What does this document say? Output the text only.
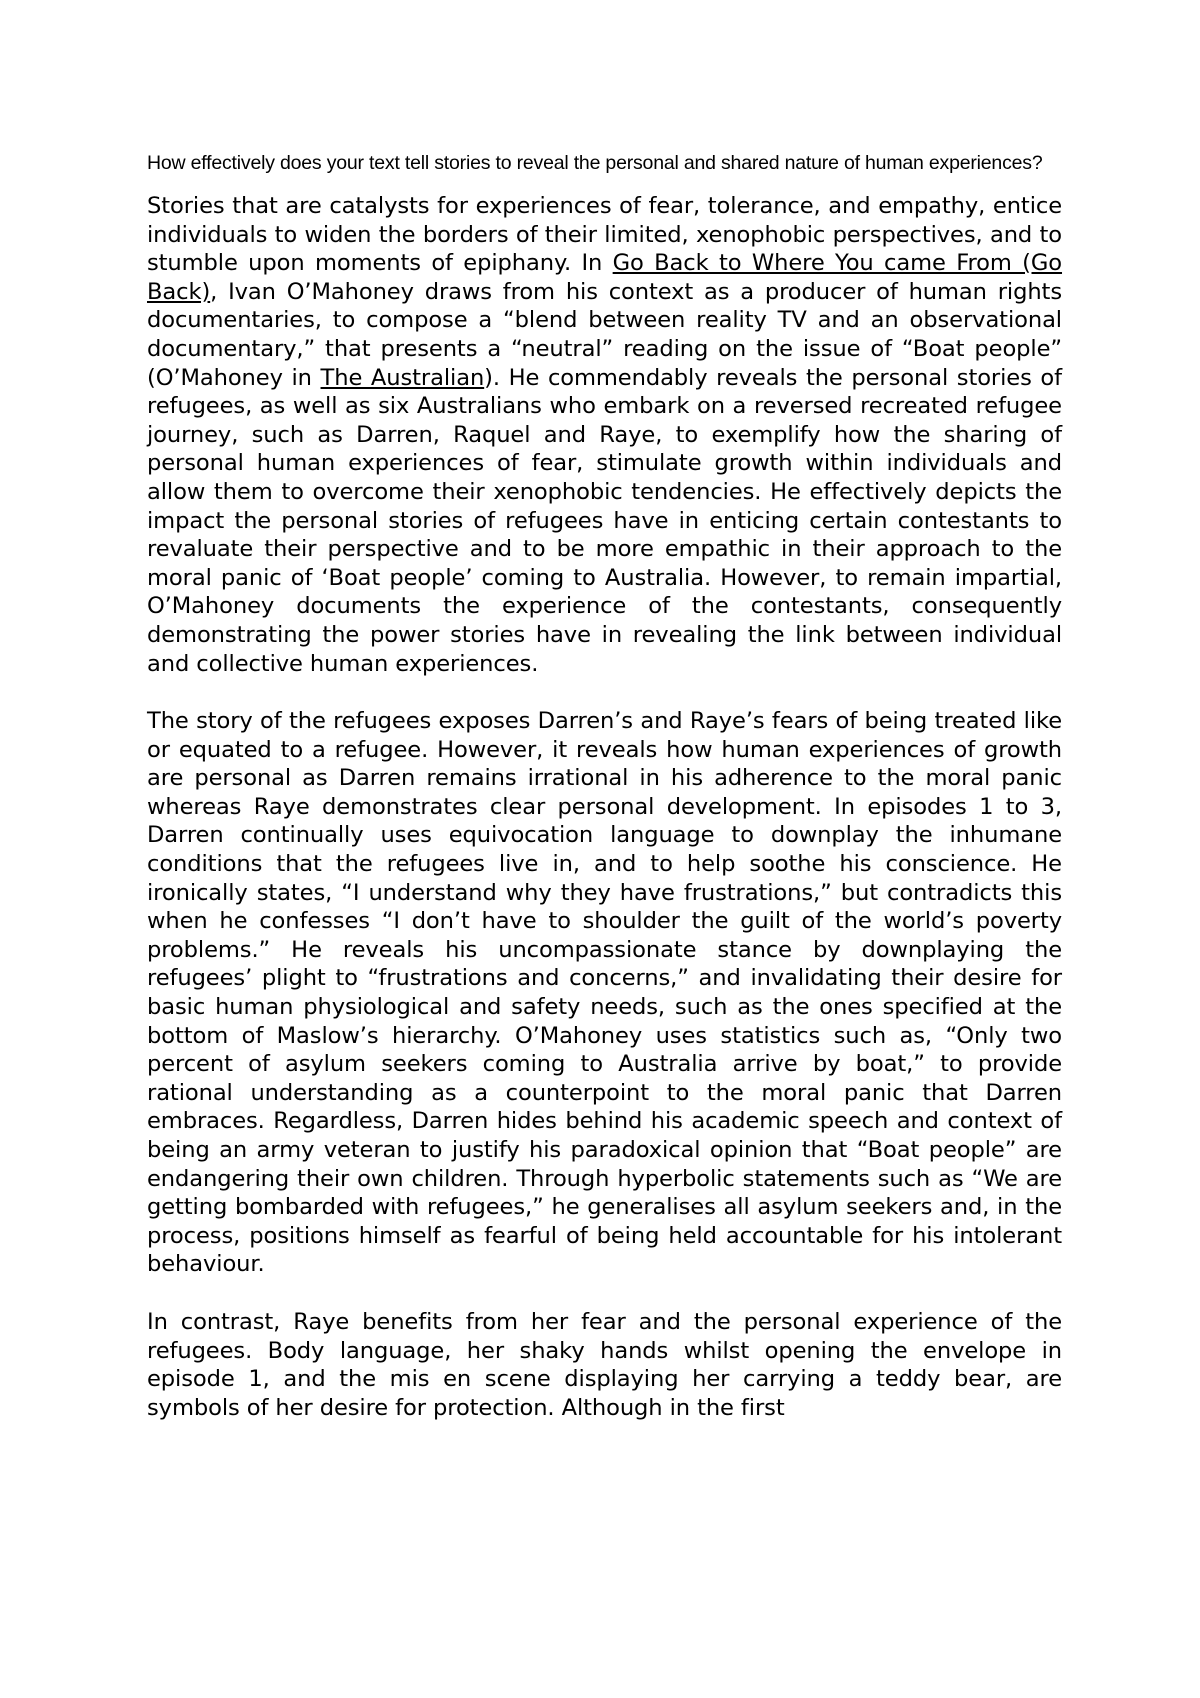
How effectively does your text tell stories to reveal the personal and shared nature of human experiences?

Stories that are catalysts for experiences of fear, tolerance, and empathy, entice individuals to widen the borders of their limited, xenophobic perspectives, and to stumble upon moments of epiphany. In Go Back to Where You came From (Go Back), Ivan O’Mahoney draws from his context as a producer of human rights documentaries, to compose a “blend between reality TV and an observational documentary,” that presents a “neutral” reading on the issue of “Boat people” (O’Mahoney in The Australian). He commendably reveals the personal stories of refugees, as well as six Australians who embark on a reversed recreated refugee journey, such as Darren, Raquel and Raye, to exemplify how the sharing of personal human experiences of fear, stimulate growth within individuals and allow them to overcome their xenophobic tendencies. He effectively depicts the impact the personal stories of refugees have in enticing certain contestants to revaluate their perspective and to be more empathic in their approach to the moral panic of ‘Boat people’ coming to Australia. However, to remain impartial, O’Mahoney documents the experience of the contestants, consequently demonstrating the power stories have in revealing the link between individual and collective human experiences.

The story of the refugees exposes Darren’s and Raye’s fears of being treated like or equated to a refugee. However, it reveals how human experiences of growth are personal as Darren remains irrational in his adherence to the moral panic whereas Raye demonstrates clear personal development. In episodes 1 to 3, Darren continually uses equivocation language to downplay the inhumane conditions that the refugees live in, and to help soothe his conscience. He ironically states, “I understand why they have frustrations,” but contradicts this when he confesses “I don’t have to shoulder the guilt of the world’s poverty problems.” He reveals his uncompassionate stance by downplaying the refugees’ plight to “frustrations and concerns,” and invalidating their desire for basic human physiological and safety needs, such as the ones specified at the bottom of Maslow’s hierarchy. O’Mahoney uses statistics such as, “Only two percent of asylum seekers coming to Australia arrive by boat,” to provide rational understanding as a counterpoint to the moral panic that Darren embraces. Regardless, Darren hides behind his academic speech and context of being an army veteran to justify his paradoxical opinion that “Boat people” are endangering their own children. Through hyperbolic statements such as “We are getting bombarded with refugees,” he generalises all asylum seekers and, in the process, positions himself as fearful of being held accountable for his intolerant behaviour.

In contrast, Raye benefits from her fear and the personal experience of the refugees. Body language, her shaky hands whilst opening the envelope in episode 1, and the mis en scene displaying her carrying a teddy bear, are symbols of her desire for protection. Although in the first
